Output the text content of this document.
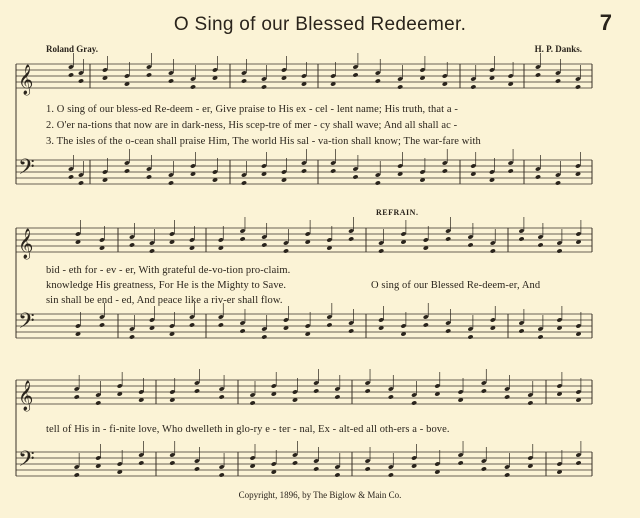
O Sing of our Blessed Redeemer.	7
Roland Gray.	H. P. Danks.
𝄞
𝄢
𝄞
𝄢
𝄞
𝄢
1. O sing of our bless-ed Re-deem - er, Give praise to His ex - cel - lent name; His truth, that a -
2. O'er na-tions that now are in dark-ness, His scep-tre of mer - cy shall wave; And all shall ac -
3. The isles of the o-cean shall praise Him, The world His sal - va-tion shall know; The war-fare with
REFRAIN.
bid - eth for - ev - er, With grateful de-vo-tion pro-claim.
knowledge His greatness, For He is the Mighty to Save.
sin shall be end - ed, And peace like a riv-er shall flow.
O sing of our Blessed Re-deem-er, And
tell of His in - fi-nite love, Who dwelleth in glo-ry e - ter - nal, Ex - alt-ed all oth-ers a - bove.
Copyright, 1896, by The Biglow & Main Co.
